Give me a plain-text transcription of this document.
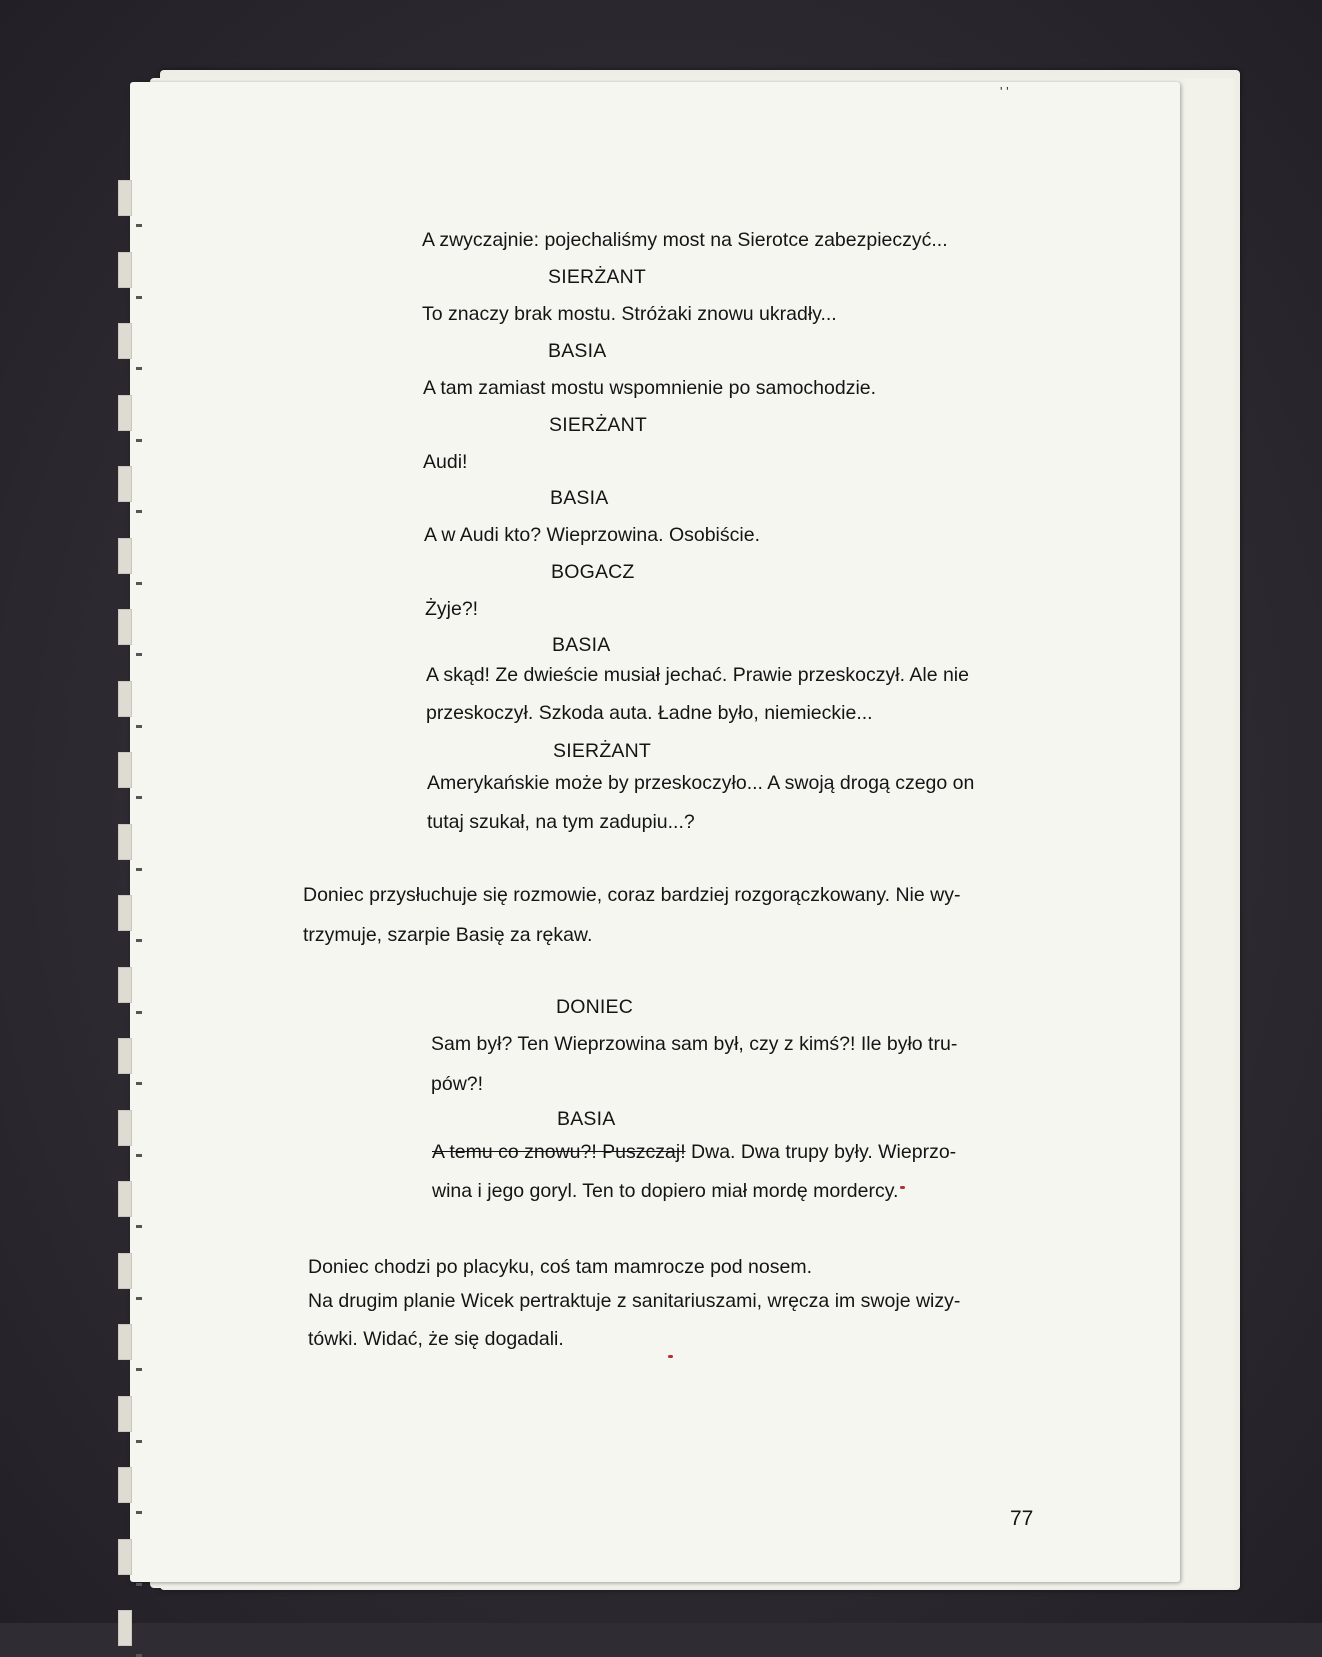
' '
A zwyczajnie: pojechaliśmy most na Sierotce zabezpieczyć...
SIERŻANT
To znaczy brak mostu. Stróżaki znowu ukradły...
BASIA
A tam zamiast mostu wspomnienie po samochodzie.
SIERŻANT
Audi!
BASIA
A w Audi kto? Wieprzowina. Osobiście.
BOGACZ
Żyje?!
BASIA
A skąd! Ze dwieście musiał jechać. Prawie przeskoczył. Ale nie
przeskoczył. Szkoda auta. Ładne było, niemieckie...
SIERŻANT
Amerykańskie może by przeskoczyło... A swoją drogą czego on
tutaj szukał, na tym zadupiu...?
Doniec przysłuchuje się rozmowie, coraz bardziej rozgorączkowany. Nie wy-
trzymuje, szarpie Basię za rękaw.
DONIEC
Sam był? Ten Wieprzowina sam był, czy z kimś?! Ile było tru-
pów?!
BASIA
A temu co znowu?! Puszczaj! Dwa. Dwa trupy były. Wieprzo-
wina i jego goryl. Ten to dopiero miał mordę mordercy.
Doniec chodzi po placyku, coś tam mamrocze pod nosem.
Na drugim planie Wicek pertraktuje z sanitariuszami, wręcza im swoje wizy-
tówki. Widać, że się dogadali.
77
